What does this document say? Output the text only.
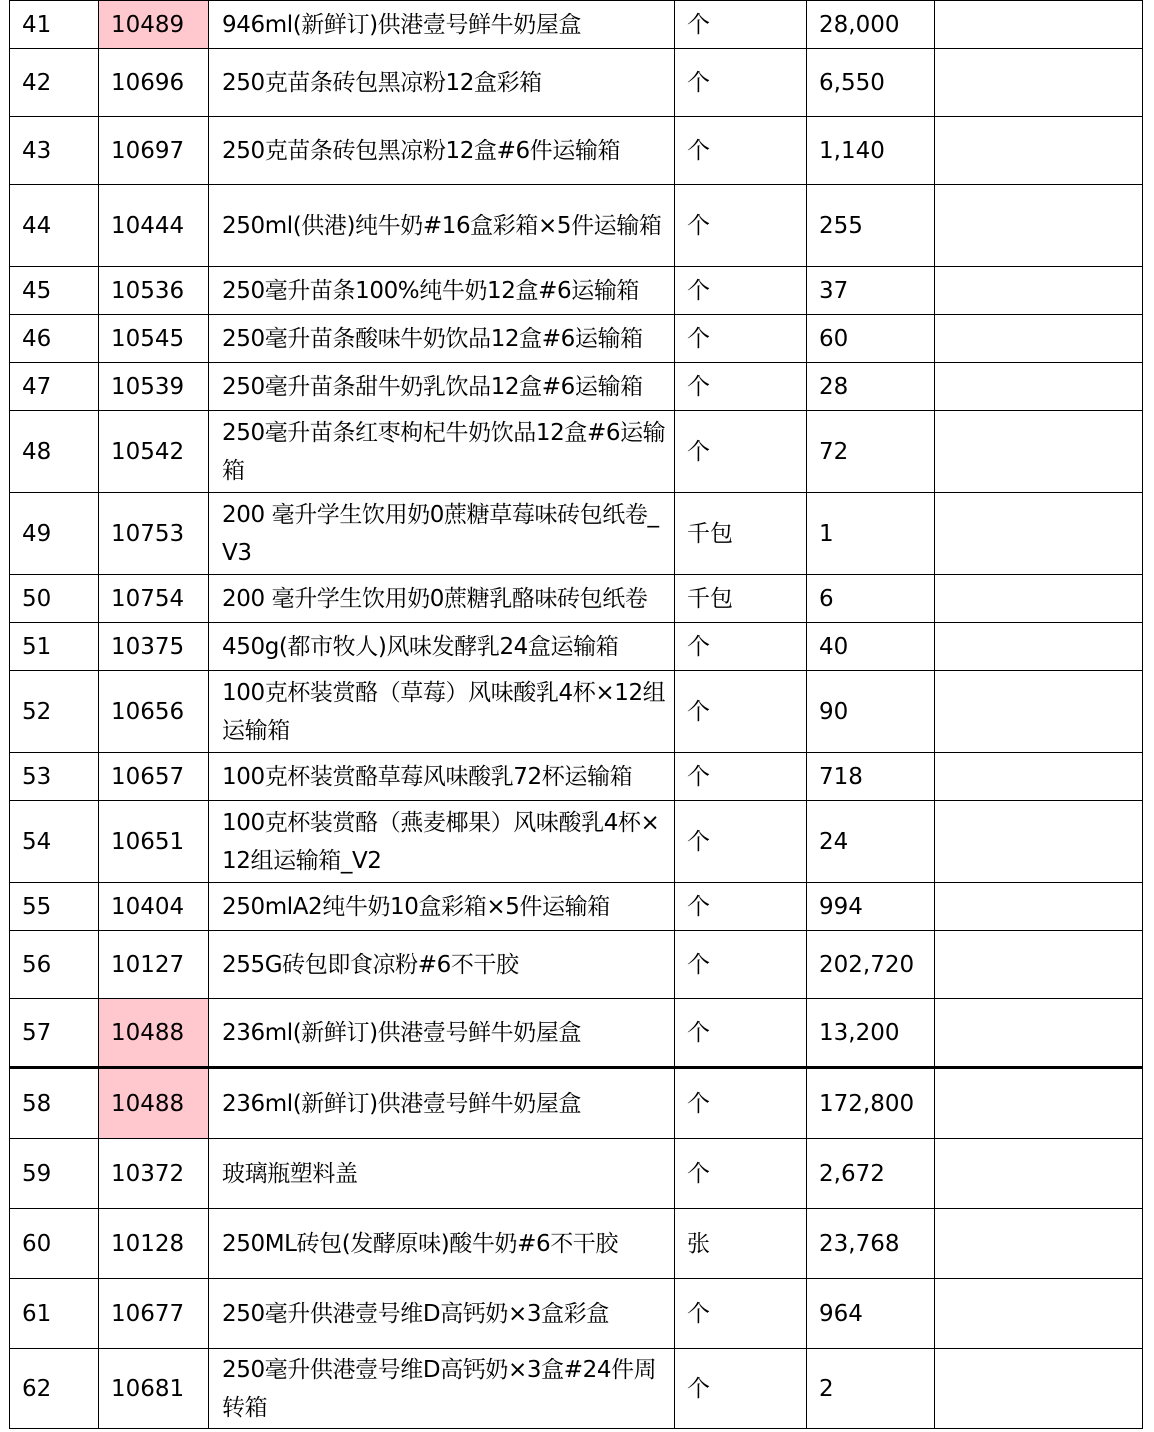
41	10489	946ml(新鲜订)供港壹号鲜牛奶屋盒	个	28,000	
42	10696	250克苗条砖包黑凉粉12盒彩箱	个	6,550	
43	10697	250克苗条砖包黑凉粉12盒#6件运输箱	个	1,140	
44	10444	250ml(供港)纯牛奶#16盒彩箱×5件运输箱	个	255	
45	10536	250毫升苗条100%纯牛奶12盒#6运输箱	个	37	
46	10545	250毫升苗条酸味牛奶饮品12盒#6运输箱	个	60	
47	10539	250毫升苗条甜牛奶乳饮品12盒#6运输箱	个	28	
48	10542	250毫升苗条红枣枸杞牛奶饮品12盒#6运输箱	个	72	
49	10753	200 毫升学生饮用奶0蔗糖草莓味砖包纸卷_V3	千包	1	
50	10754	200 毫升学生饮用奶0蔗糖乳酪味砖包纸卷	千包	6	
51	10375	450g(都市牧人)风味发酵乳24盒运输箱	个	40	
52	10656	100克杯装赏酪（草莓）风味酸乳4杯×12组运输箱	个	90	
53	10657	100克杯装赏酪草莓风味酸乳72杯运输箱	个	718	
54	10651	100克杯装赏酪（燕麦椰果）风味酸乳4杯×12组运输箱_V2	个	24	
55	10404	250mlA2纯牛奶10盒彩箱×5件运输箱	个	994	
56	10127	255G砖包即食凉粉#6不干胶	个	202,720	
57	10488	236ml(新鲜订)供港壹号鲜牛奶屋盒	个	13,200	
58	10488	236ml(新鲜订)供港壹号鲜牛奶屋盒	个	172,800	
59	10372	玻璃瓶塑料盖	个	2,672	
60	10128	250ML砖包(发酵原味)酸牛奶#6不干胶	张	23,768	
61	10677	250毫升供港壹号维D高钙奶×3盒彩盒	个	964	
62	10681	250毫升供港壹号维D高钙奶×3盒#24件周转箱	个	2	
